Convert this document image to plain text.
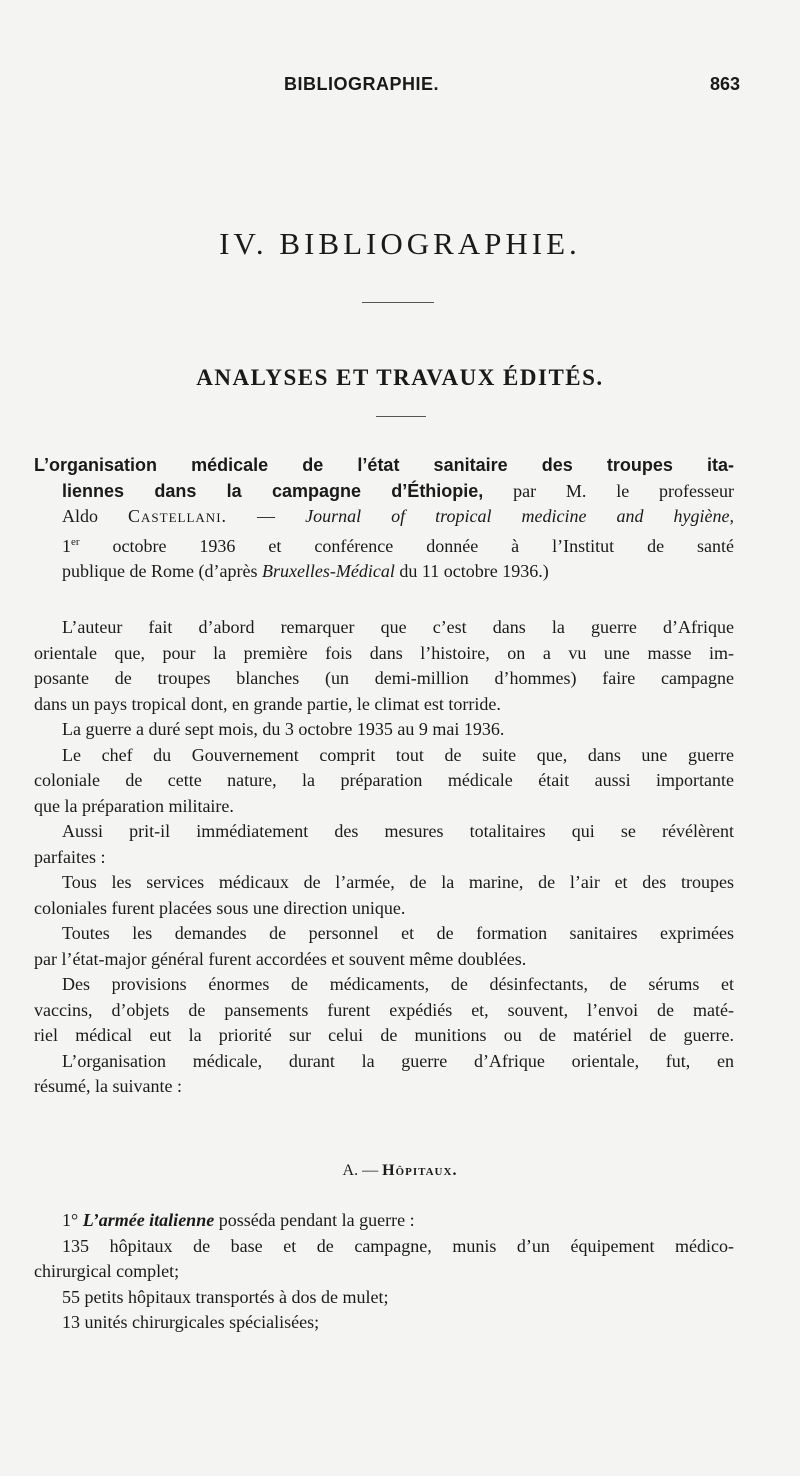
BIBLIOGRAPHIE.	863
IV. BIBLIOGRAPHIE.
ANALYSES ET TRAVAUX ÉDITÉS.
L’organisation médicale de l’état sanitaire des troupes ita-
liennes dans la campagne d’Éthiopie, par M. le professeur
Aldo Castellani. — Journal of tropical medicine and hygiène,
1er octobre 1936 et conférence donnée à l’Institut de santé
publique de Rome (d’après Bruxelles-Médical du 11 octobre 1936.)
L’auteur fait d’abord remarquer que c’est dans la guerre d’Afrique
orientale que, pour la première fois dans l’histoire, on a vu une masse im-
posante de troupes blanches (un demi-million d’hommes) faire campagne
dans un pays tropical dont, en grande partie, le climat est torride.
La guerre a duré sept mois, du 3 octobre 1935 au 9 mai 1936.
Le chef du Gouvernement comprit tout de suite que, dans une guerre
coloniale de cette nature, la préparation médicale était aussi importante
que la préparation militaire.
Aussi prit-il immédiatement des mesures totalitaires qui se révélèrent
parfaites :
Tous les services médicaux de l’armée, de la marine, de l’air et des troupes
coloniales furent placées sous une direction unique.
Toutes les demandes de personnel et de formation sanitaires exprimées
par l’état-major général furent accordées et souvent même doublées.
Des provisions énormes de médicaments, de désinfectants, de sérums et
vaccins, d’objets de pansements furent expédiés et, souvent, l’envoi de maté-
riel médical eut la priorité sur celui de munitions ou de matériel de guerre.
L’organisation médicale, durant la guerre d’Afrique orientale, fut, en
résumé, la suivante :
A. — Hôpitaux.
1° L’armée italienne posséda pendant la guerre :
135 hôpitaux de base et de campagne, munis d’un équipement médico-
chirurgical complet;
55 petits hôpitaux transportés à dos de mulet;
13 unités chirurgicales spécialisées;
